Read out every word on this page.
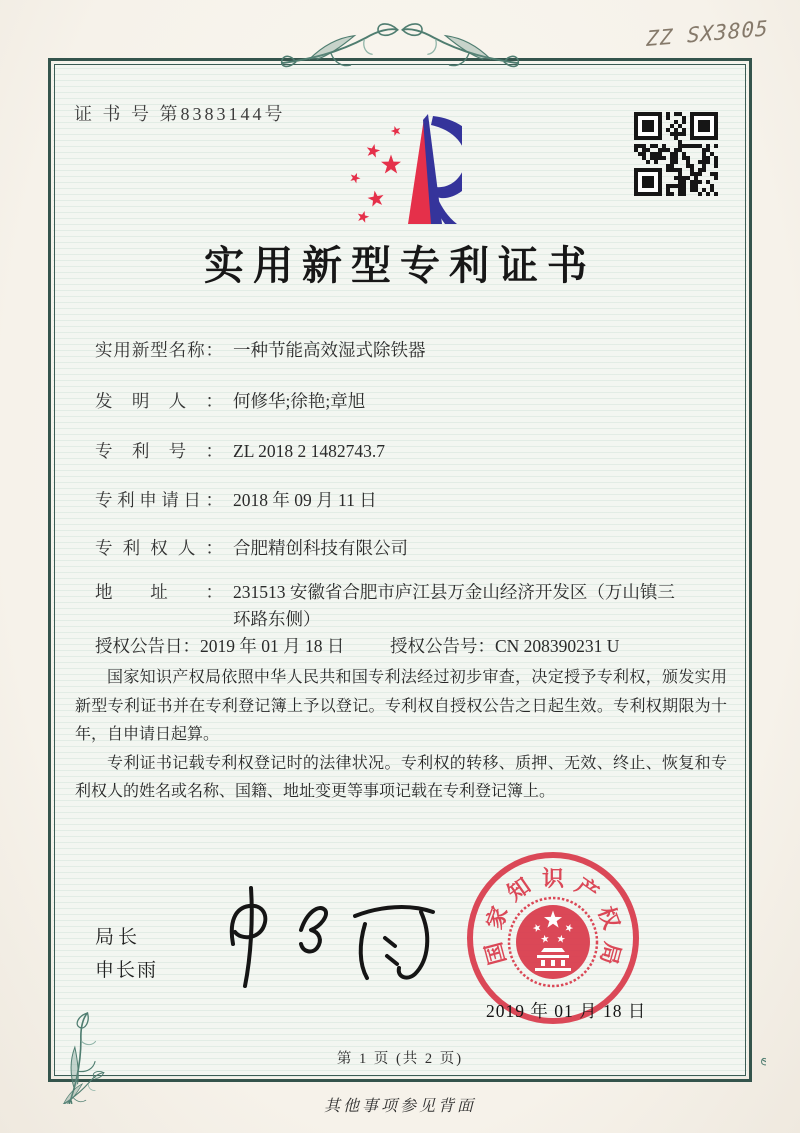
ZZ SX3805
证 书 号 第8383144号
实用新型专利证书
实用新型名称： 一种节能高效湿式除铁器
发明人： 何修华;徐艳;章旭
专利号： ZL 2018 2 1482743.7
专利申请日： 2018 年 09 月 11 日
专利权人： 合肥精创科技有限公司
地址： 231513 安徽省合肥市庐江县万金山经济开发区（万山镇三环路东侧）
授权公告日：2019 年 01 月 18 日	授权公告号：CN 208390231 U

国家知识产权局依照中华人民共和国专利法经过初步审查，决定授予专利权，颁发实用新型专利证书并在专利登记簿上予以登记。专利权自授权公告之日起生效。专利权期限为十年，自申请日起算。

专利证书记载专利权登记时的法律状况。专利权的转移、质押、无效、终止、恢复和专利权人的姓名或名称、国籍、地址变更等事项记载在专利登记簿上。

局长
申长雨
国
家
知 识 产
权
局
2019 年 01 月 18 日
第 1 页 (共 2 页)
其他事项参见背面
